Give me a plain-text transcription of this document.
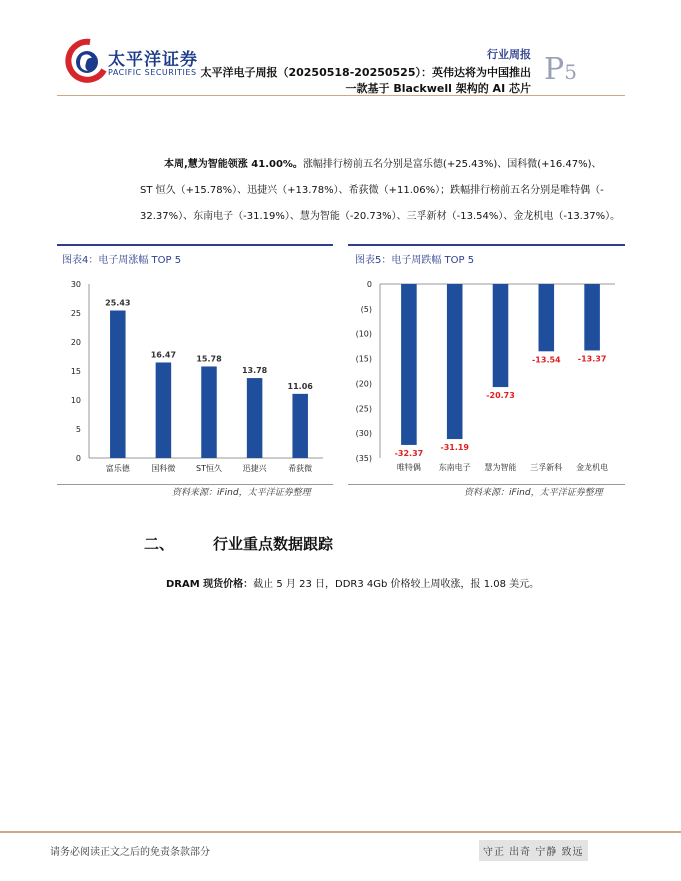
太平洋证券
PACIFIC SECURITIES
行业周报
太平洋电子周报（20250518-20250525）：英伟达将为中国推出
一款基于 Blackwell 架构的 AI 芯片
P5
本周,慧为智能领涨 41.00%。涨幅排行榜前五名分别是富乐德(+25.43%)、国科微(+16.47%)、
ST 恒久（+15.78%）、迅捷兴（+13.78%）、希荻微（+11.06%）；跌幅排行榜前五名分别是唯特偶（-
32.37%）、东南电子（-31.19%）、慧为智能（-20.73%）、三孚新材（-13.54%）、金龙机电（-13.37%）。
图表4：电子周涨幅 TOP 5
0
5
10
15
20
25
30
25.43
富乐德
16.47
国科微
15.78
ST恒久
13.78
迅捷兴
11.06
希荻微
资料来源：iFind，太平洋证券整理
图表5：电子周跌幅 TOP 5
0
(5)
(10)
(15)
(20)
(25)
(30)
(35)
-32.37
唯特偶
-31.19
东南电子
-20.73
慧为智能
-13.54
三孚新科
-13.37
金龙机电
资料来源：iFind，太平洋证券整理
二、	行业重点数据跟踪
DRAM 现货价格：截止 5 月 23 日，DDR3 4Gb 价格较上周收涨，报 1.08 美元。
请务必阅读正文之后的免责条款部分	守正 出奇 宁静 致远
